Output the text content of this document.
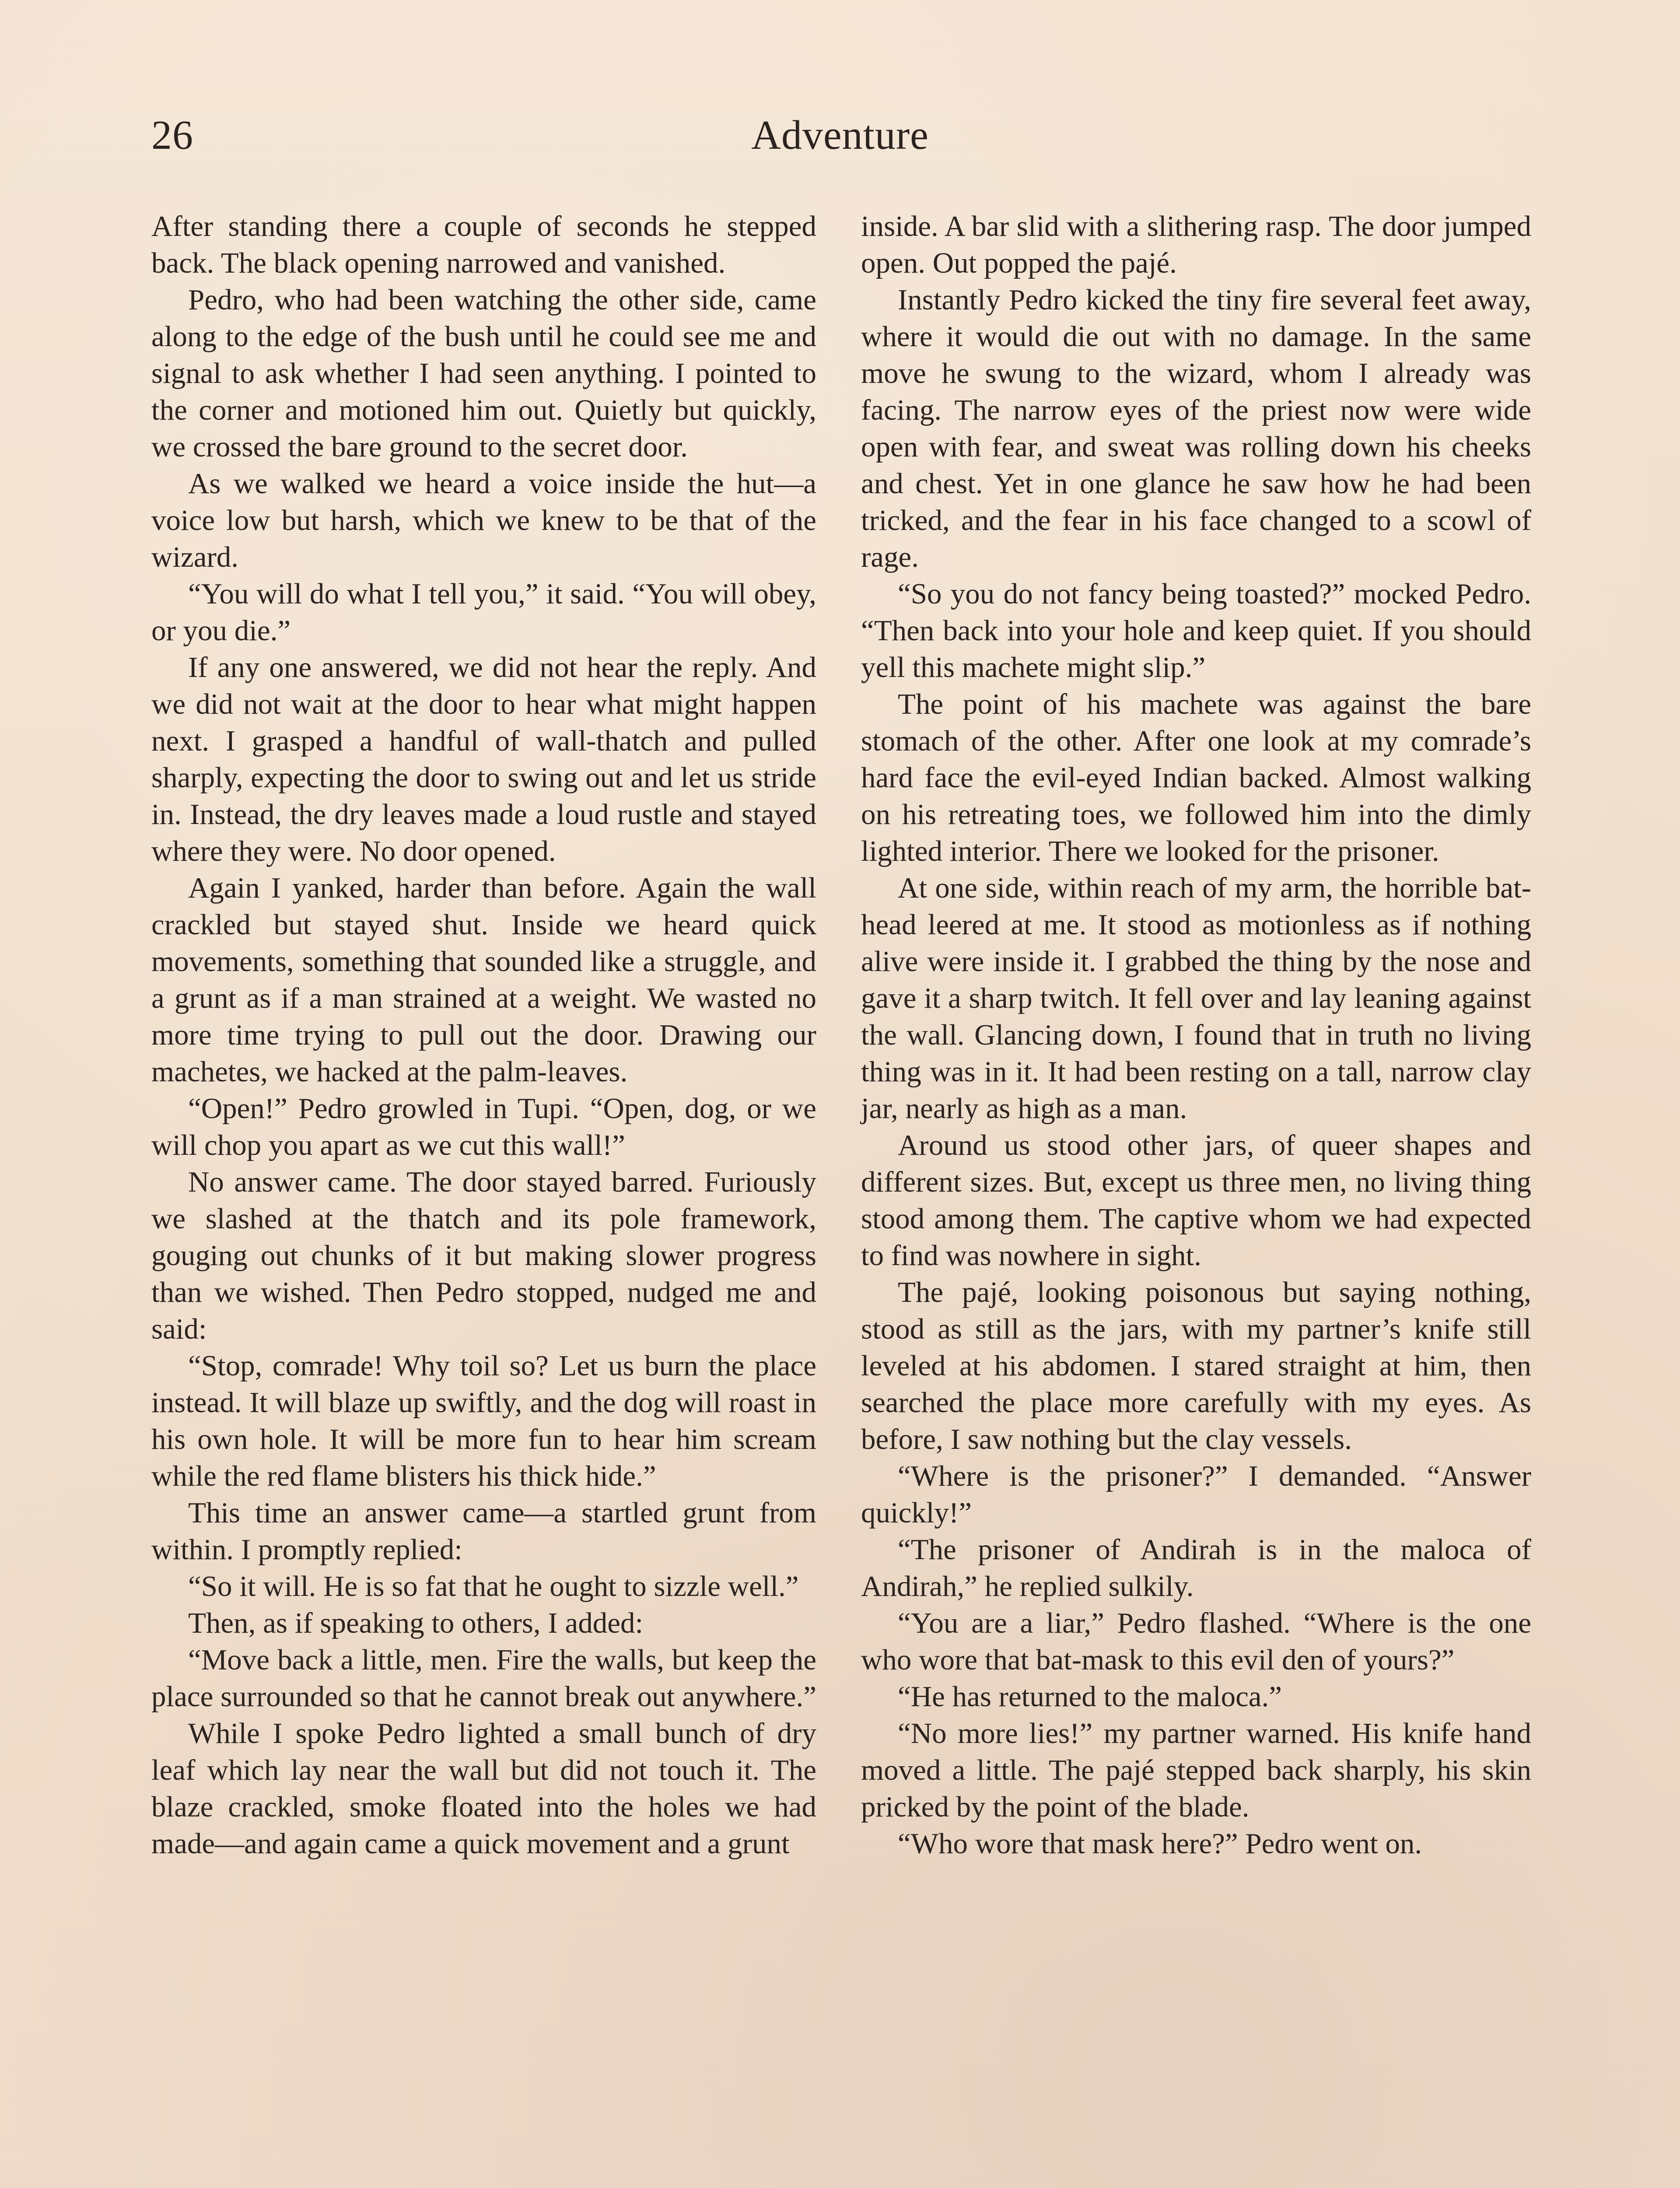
26	Adventure

After standing there a couple of seconds he stepped back. The black opening narrowed and vanished.

Pedro, who had been watching the other side, came along to the edge of the bush until he could see me and signal to ask whether I had seen anything. I pointed to the corner and motioned him out. Quietly but quickly, we crossed the bare ground to the secret door.

As we walked we heard a voice inside the hut—a voice low but harsh, which we knew to be that of the wizard.

“You will do what I tell you,” it said. “You will obey, or you die.”

If any one answered, we did not hear the reply. And we did not wait at the door to hear what might happen next. I grasped a handful of wall-thatch and pulled sharply, expecting the door to swing out and let us stride in. Instead, the dry leaves made a loud rustle and stayed where they were. No door opened.

Again I yanked, harder than before. Again the wall crackled but stayed shut. Inside we heard quick movements, something that sounded like a struggle, and a grunt as if a man strained at a weight. We wasted no more time trying to pull out the door. Drawing our machetes, we hacked at the palm-leaves.

“Open!” Pedro growled in Tupi. “Open, dog, or we will chop you apart as we cut this wall!”

No answer came. The door stayed barred. Furiously we slashed at the thatch and its pole framework, gouging out chunks of it but making slower progress than we wished. Then Pedro stopped, nudged me and said:

“Stop, comrade! Why toil so? Let us burn the place instead. It will blaze up swiftly, and the dog will roast in his own hole. It will be more fun to hear him scream while the red flame blisters his thick hide.”

This time an answer came—a startled grunt from within. I promptly replied:

“So it will. He is so fat that he ought to sizzle well.”

Then, as if speaking to others, I added:

“Move back a little, men. Fire the walls, but keep the place surrounded so that he cannot break out anywhere.”

While I spoke Pedro lighted a small bunch of dry leaf which lay near the wall but did not touch it. The blaze crackled, smoke floated into the holes we had made—and again came a quick movement and a grunt

inside. A bar slid with a slithering rasp. The door jumped open. Out popped the pajé.

Instantly Pedro kicked the tiny fire several feet away, where it would die out with no damage. In the same move he swung to the wizard, whom I already was facing. The narrow eyes of the priest now were wide open with fear, and sweat was rolling down his cheeks and chest. Yet in one glance he saw how he had been tricked, and the fear in his face changed to a scowl of rage.

“So you do not fancy being toasted?” mocked Pedro. “Then back into your hole and keep quiet. If you should yell this machete might slip.”

The point of his machete was against the bare stomach of the other. After one look at my comrade’s hard face the evil-eyed Indian backed. Almost walking on his retreating toes, we followed him into the dimly lighted interior. There we looked for the prisoner.

At one side, within reach of my arm, the horrible bat-head leered at me. It stood as motionless as if nothing alive were inside it. I grabbed the thing by the nose and gave it a sharp twitch. It fell over and lay leaning against the wall. Glancing down, I found that in truth no living thing was in it. It had been resting on a tall, narrow clay jar, nearly as high as a man.

Around us stood other jars, of queer shapes and different sizes. But, except us three men, no living thing stood among them. The captive whom we had expected to find was nowhere in sight.

The pajé, looking poisonous but saying nothing, stood as still as the jars, with my partner’s knife still leveled at his abdomen. I stared straight at him, then searched the place more carefully with my eyes. As before, I saw nothing but the clay vessels.

“Where is the prisoner?” I demanded. “Answer quickly!”

“The prisoner of Andirah is in the maloca of Andirah,” he replied sulkily.

“You are a liar,” Pedro flashed. “Where is the one who wore that bat-mask to this evil den of yours?”

“He has returned to the maloca.”

“No more lies!” my partner warned. His knife hand moved a little. The pajé stepped back sharply, his skin pricked by the point of the blade.

“Who wore that mask here?” Pedro went on.
